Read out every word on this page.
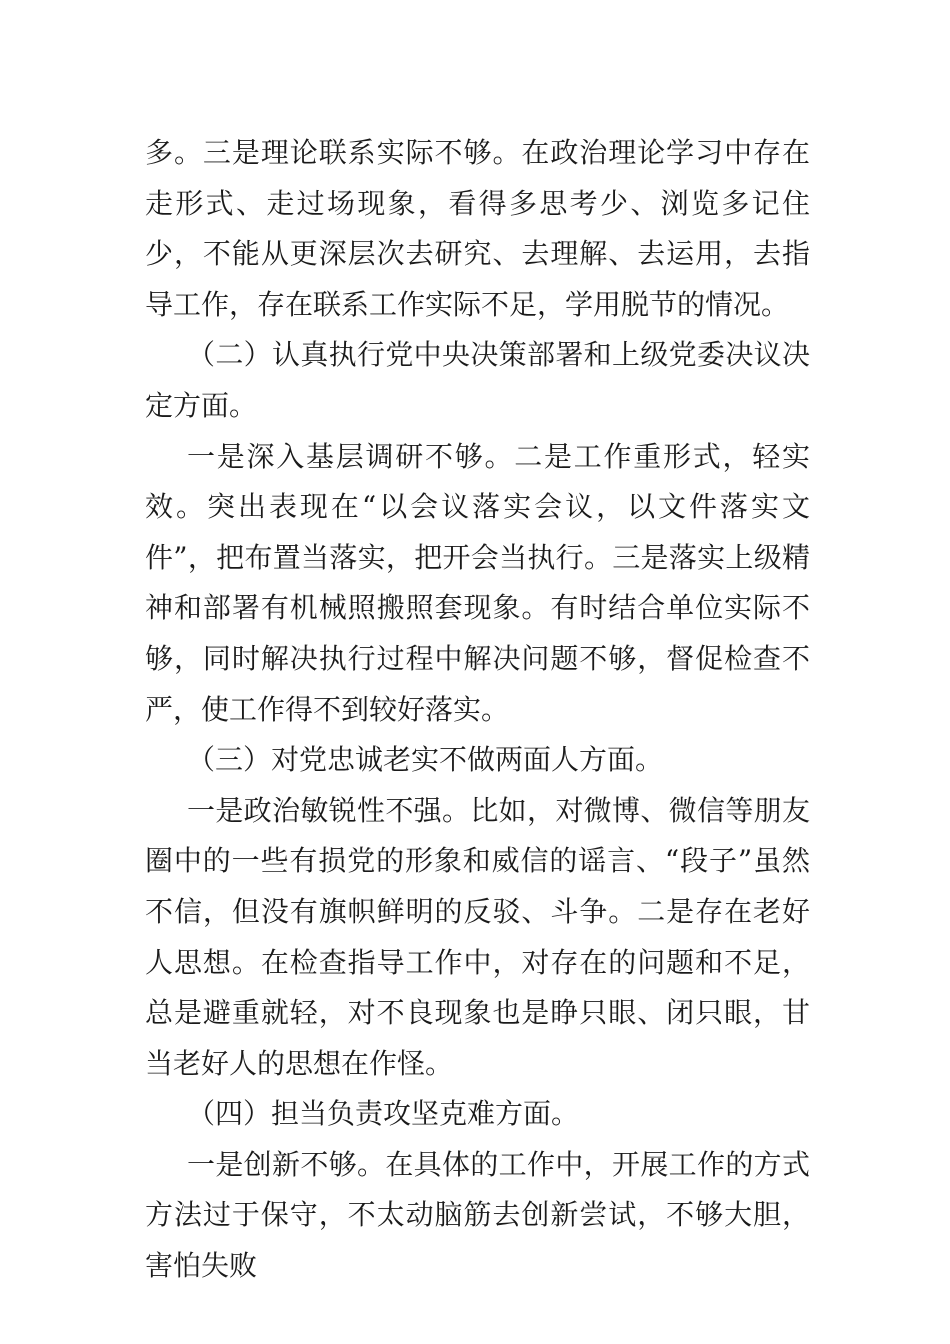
多。三是理论联系实际不够。在政治理论学习中存在走形式、走过场现象，看得多思考少、浏览多记住少，不能从更深层次去研究、去理解、去运用，去指导工作，存在联系工作实际不足，学用脱节的情况。

（二）认真执行党中央决策部署和上级党委决议决定方面。

一是深入基层调研不够。二是工作重形式，轻实效。突出表现在“以会议落实会议，以文件落实文件”，把布置当落实，把开会当执行。三是落实上级精神和部署有机械照搬照套现象。有时结合单位实际不够，同时解决执行过程中解决问题不够，督促检查不严，使工作得不到较好落实。

（三）对党忠诚老实不做两面人方面。

一是政治敏锐性不强。比如，对微博、微信等朋友圈中的一些有损党的形象和威信的谣言、“段子”虽然不信，但没有旗帜鲜明的反驳、斗争。二是存在老好人思想。在检查指导工作中，对存在的问题和不足，总是避重就轻，对不良现象也是睁只眼、闭只眼，甘当老好人的思想在作怪。

（四）担当负责攻坚克难方面。

一是创新不够。在具体的工作中，开展工作的方式方法过于保守，不太动脑筋去创新尝试，不够大胆，害怕失败
